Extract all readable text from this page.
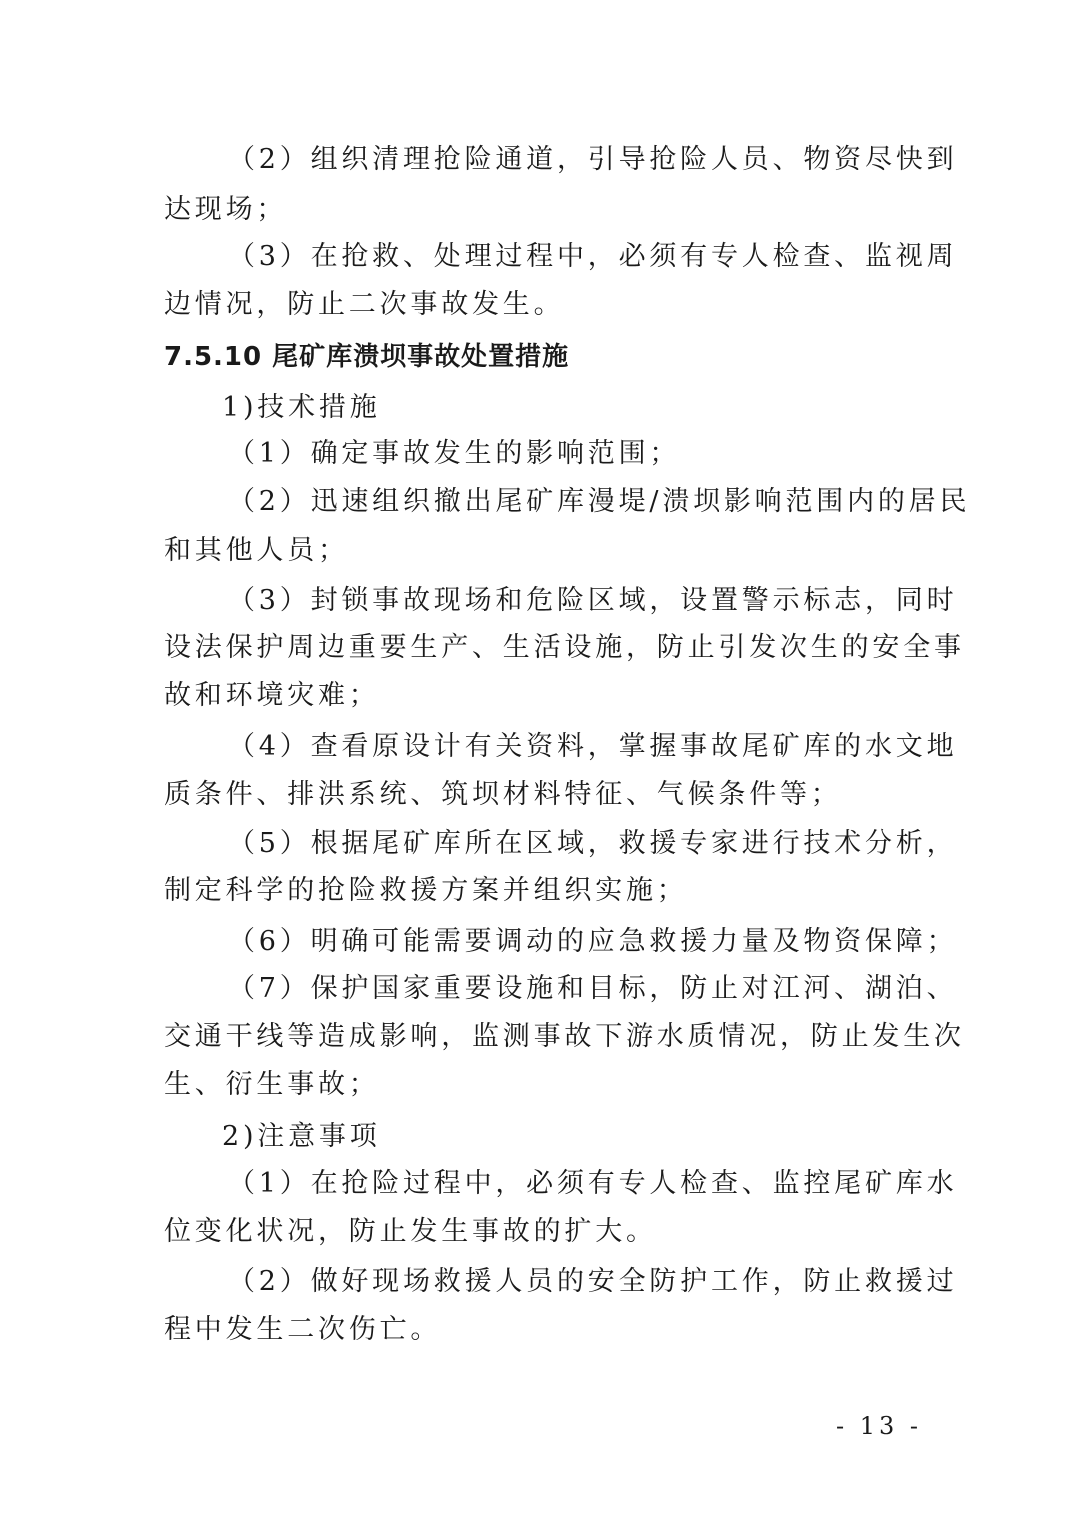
（2）组织清理抢险通道，引导抢险人员、物资尽快到
达现场；
（3）在抢救、处理过程中，必须有专人检查、监视周
边情况，防止二次事故发生。
7.5.10 尾矿库溃坝事故处置措施
1)技术措施
（1）确定事故发生的影响范围；
（2）迅速组织撤出尾矿库漫堤/溃坝影响范围内的居民
和其他人员；
（3）封锁事故现场和危险区域，设置警示标志，同时
设法保护周边重要生产、生活设施，防止引发次生的安全事
故和环境灾难；
（4）查看原设计有关资料，掌握事故尾矿库的水文地
质条件、排洪系统、筑坝材料特征、气候条件等；
（5）根据尾矿库所在区域，救援专家进行技术分析，
制定科学的抢险救援方案并组织实施；
（6）明确可能需要调动的应急救援力量及物资保障；
（7）保护国家重要设施和目标，防止对江河、湖泊、
交通干线等造成影响，监测事故下游水质情况，防止发生次
生、衍生事故；
2)注意事项
（1）在抢险过程中，必须有专人检查、监控尾矿库水
位变化状况，防止发生事故的扩大。
（2）做好现场救援人员的安全防护工作，防止救援过
程中发生二次伤亡。
- 13 -
